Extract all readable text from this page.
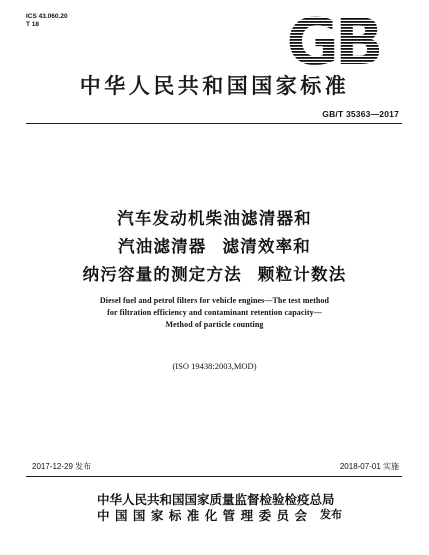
ICS 43.060.20
T 18	GB
中华人民共和国国家标准
GB/T 35363—2017
汽车发动机柴油滤清器和
汽油滤清器 滤清效率和
纳污容量的测定方法 颗粒计数法
Diesel fuel and petrol filters for vehicle engines—The test method
for filtration efficiency and contaminant retention capacity—
Method of particle counting
(ISO 19438:2003,MOD)
2017-12-29 发布	2018-07-01 实施
中华人民共和国国家质量监督检验检疫总局
中国国家标准化管理委员会 发布
